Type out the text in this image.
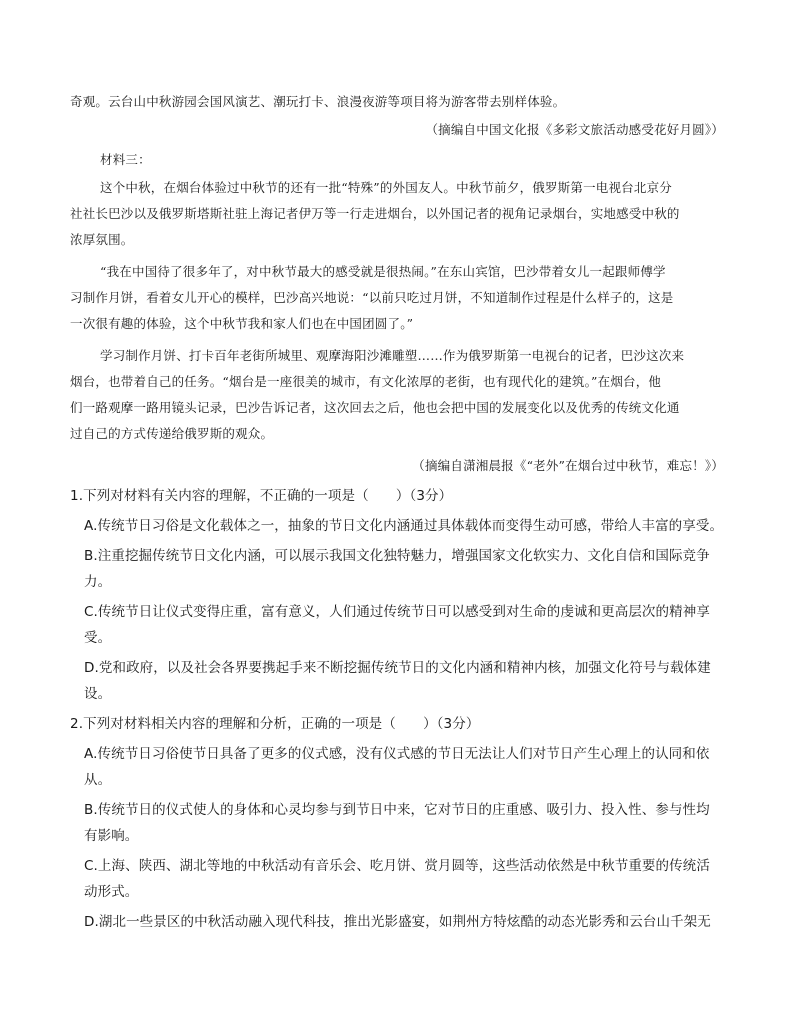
奇观。云台山中秋游园会国风演艺、潮玩打卡、浪漫夜游等项目将为游客带去别样体验。
（摘编自中国文化报《多彩文旅活动感受花好月圆》）
材料三：
这个中秋，在烟台体验过中秋节的还有一批“特殊”的外国友人。中秋节前夕，俄罗斯第一电视台北京分
社社长巴沙以及俄罗斯塔斯社驻上海记者伊万等一行走进烟台，以外国记者的视角记录烟台，实地感受中秋的
浓厚氛围。
“我在中国待了很多年了，对中秋节最大的感受就是很热闹。”在东山宾馆，巴沙带着女儿一起跟师傅学
习制作月饼，看着女儿开心的模样，巴沙高兴地说：“以前只吃过月饼，不知道制作过程是什么样子的，这是
一次很有趣的体验，这个中秋节我和家人们也在中国团圆了。”
学习制作月饼、打卡百年老街所城里、观摩海阳沙滩雕塑……作为俄罗斯第一电视台的记者，巴沙这次来
烟台，也带着自己的任务。“烟台是一座很美的城市，有文化浓厚的老街，也有现代化的建筑。”在烟台，他
们一路观摩一路用镜头记录，巴沙告诉记者，这次回去之后，他也会把中国的发展变化以及优秀的传统文化通
过自己的方式传递给俄罗斯的观众。
（摘编自潇湘晨报《“老外”在烟台过中秋节，难忘！》）
1.下列对材料有关内容的理解，不正确的一项是（　　）（3分）
A.传统节日习俗是文化载体之一，抽象的节日文化内涵通过具体载体而变得生动可感，带给人丰富的享受。
B.注重挖掘传统节日文化内涵，可以展示我国文化独特魅力，增强国家文化软实力、文化自信和国际竞争
力。
C.传统节日让仪式变得庄重，富有意义，人们通过传统节日可以感受到对生命的虔诚和更高层次的精神享
受。
D.党和政府，以及社会各界要携起手来不断挖掘传统节日的文化内涵和精神内核，加强文化符号与载体建
设。
2.下列对材料相关内容的理解和分析，正确的一项是（　　）（3分）
A.传统节日习俗使节日具备了更多的仪式感，没有仪式感的节日无法让人们对节日产生心理上的认同和依
从。
B.传统节日的仪式使人的身体和心灵均参与到节日中来，它对节日的庄重感、吸引力、投入性、参与性均
有影响。
C.上海、陕西、湖北等地的中秋活动有音乐会、吃月饼、赏月圆等，这些活动依然是中秋节重要的传统活
动形式。
D.湖北一些景区的中秋活动融入现代科技，推出光影盛宴，如荆州方特炫酷的动态光影秀和云台山千架无
